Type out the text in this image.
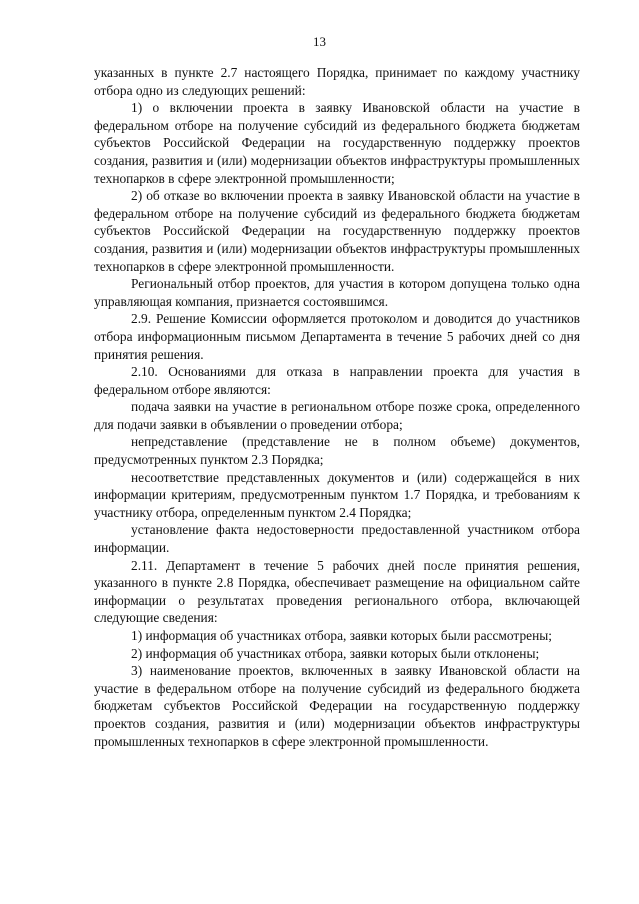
13

указанных в пункте 2.7 настоящего Порядка, принимает по каждому участнику отбора одно из следующих решений:

1) о включении проекта в заявку Ивановской области на участие в федеральном отборе на получение субсидий из федерального бюджета бюджетам субъектов Российской Федерации на государственную поддержку проектов создания, развития и (или) модернизации объектов инфраструктуры промышленных технопарков в сфере электронной промышленности;

2) об отказе во включении проекта в заявку Ивановской области на участие в федеральном отборе на получение субсидий из федерального бюджета бюджетам субъектов Российской Федерации на государственную поддержку проектов создания, развития и (или) модернизации объектов инфраструктуры промышленных технопарков в сфере электронной промышленности.

Региональный отбор проектов, для участия в котором допущена только одна управляющая компания, признается состоявшимся.

2.9. Решение Комиссии оформляется протоколом и доводится до участников отбора информационным письмом Департамента в течение 5 рабочих дней со дня принятия решения.

2.10. Основаниями для отказа в направлении проекта для участия в федеральном отборе являются:

подача заявки на участие в региональном отборе позже срока, определенного для подачи заявки в объявлении о проведении отбора;

непредставление (представление не в полном объеме) документов, предусмотренных пунктом 2.3 Порядка;

несоответствие представленных документов и (или) содержащейся в них информации критериям, предусмотренным пунктом 1.7 Порядка, и требованиям к участнику отбора, определенным пунктом 2.4 Порядка;

установление факта недостоверности предоставленной участником отбора информации.

2.11. Департамент в течение 5 рабочих дней после принятия решения, указанного в пункте 2.8 Порядка, обеспечивает размещение на официальном сайте информации о результатах проведения регионального отбора, включающей следующие сведения:

1) информация об участниках отбора, заявки которых были рассмотрены;

2) информация об участниках отбора, заявки которых были отклонены;

3) наименование проектов, включенных в заявку Ивановской области на участие в федеральном отборе на получение субсидий из федерального бюджета бюджетам субъектов Российской Федерации на государственную поддержку проектов создания, развития и (или) модернизации объектов инфраструктуры промышленных технопарков в сфере электронной промышленности.
